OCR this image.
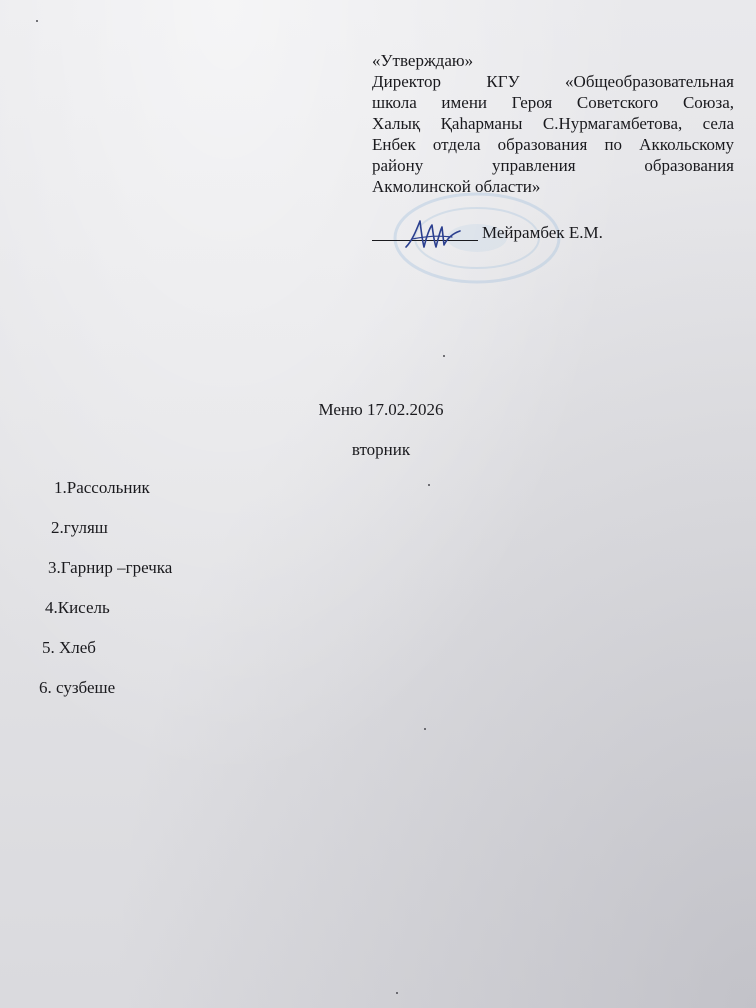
«Утверждаю»
Директор КГУ «Общеобразовательная
школа имени Героя Советского Союза,
Халық Қаһарманы С.Нурмагамбетова, села
Енбек отдела образования по Аккольскому
району управления образования
Акмолинской области»
Мейрамбек Е.М.
Меню 17.02.2026
вторник
1.Рассольник
2.гуляш
3.Гарнир –гречка
4.Кисель
5. Хлеб
6. сузбеше
